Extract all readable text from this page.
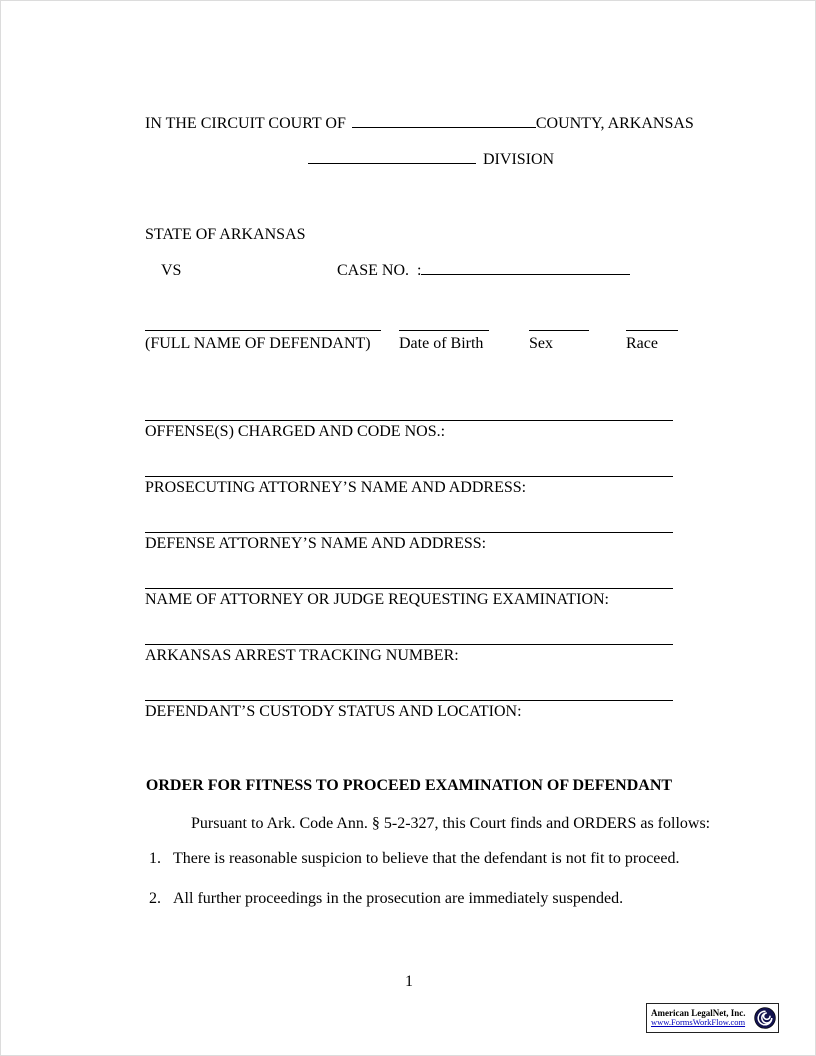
IN THE CIRCUIT COURT OF	COUNTY, ARKANSAS
DIVISION
STATE OF ARKANSAS
VS	CASE NO.  :
(FULL NAME OF DEFENDANT) Date of Birth	Sex	Race
OFFENSE(S) CHARGED AND CODE NOS.:
PROSECUTING ATTORNEY’S NAME AND ADDRESS:
DEFENSE ATTORNEY’S NAME AND ADDRESS:
NAME OF ATTORNEY OR JUDGE REQUESTING EXAMINATION:
ARKANSAS ARREST TRACKING NUMBER:
DEFENDANT’S CUSTODY STATUS AND LOCATION:
ORDER FOR FITNESS TO PROCEED EXAMINATION OF DEFENDANT
Pursuant to Ark. Code Ann. § 5-2-327, this Court finds and ORDERS as follows:
1. There is reasonable suspicion to believe that the defendant is not fit to proceed.
2. All further proceedings in the prosecution are immediately suspended.
1
American LegalNet, Inc.
www.FormsWorkFlow.com
